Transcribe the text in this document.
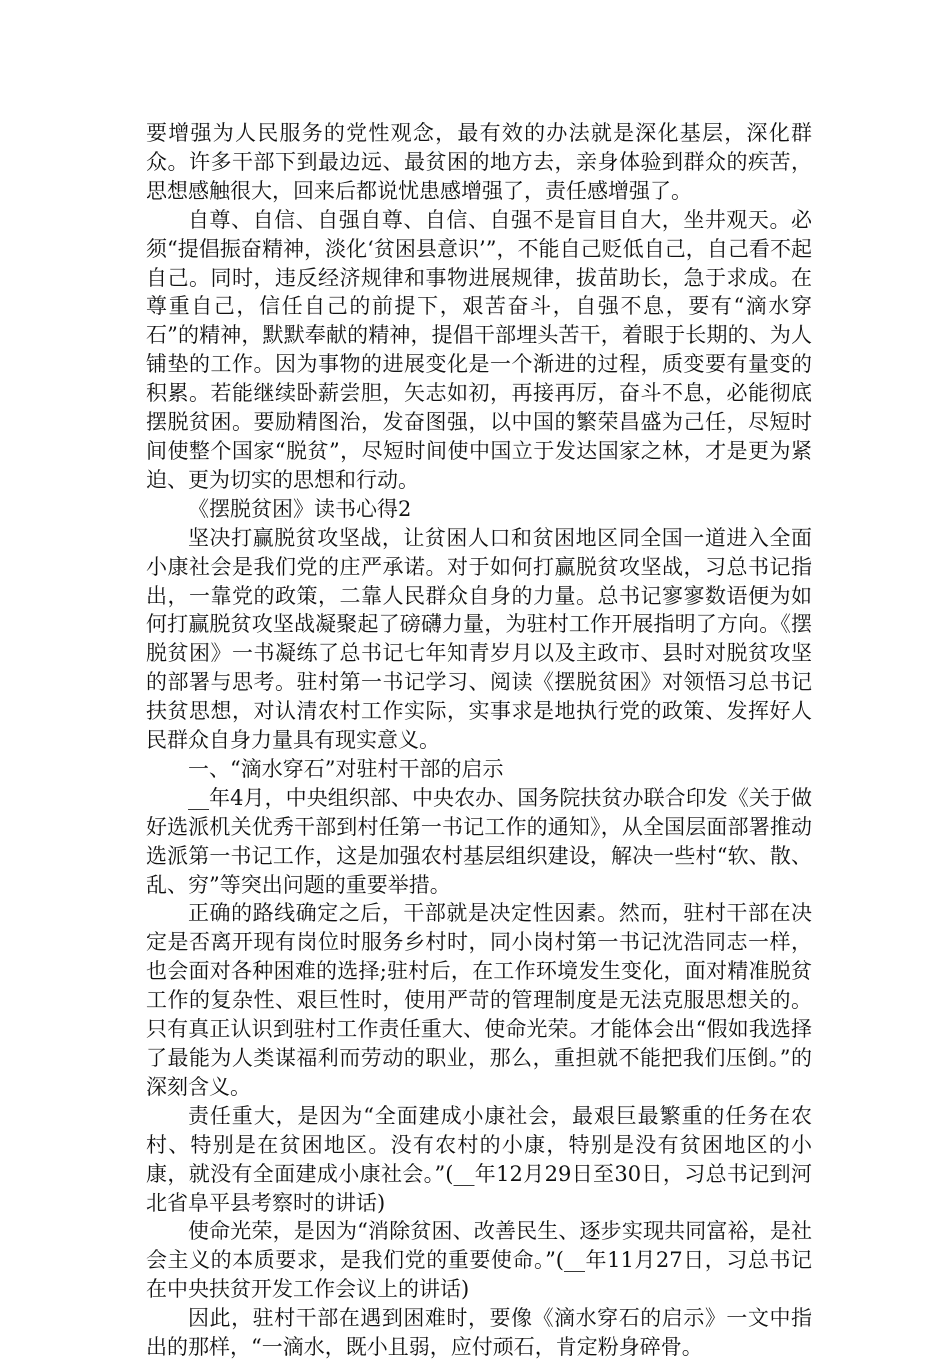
要增强为人民服务的党性观念，最有效的办法就是深化基层，深化群众。许多干部下到最边远、最贫困的地方去，亲身体验到群众的疾苦，思想感触很大，回来后都说忧患感增强了，责任感增强了。

自尊、自信、自强自尊、自信、自强不是盲目自大，坐井观天。必须“提倡振奋精神，淡化‘贫困县意识’”，不能自己贬低自己，自己看不起自己。同时，违反经济规律和事物进展规律，拔苗助长，急于求成。在尊重自己，信任自己的前提下，艰苦奋斗，自强不息，要有“滴水穿石”的精神，默默奉献的精神，提倡干部埋头苦干，着眼于长期的、为人铺垫的工作。因为事物的进展变化是一个渐进的过程，质变要有量变的积累。若能继续卧薪尝胆，矢志如初，再接再厉，奋斗不息，必能彻底摆脱贫困。要励精图治，发奋图强，以中国的繁荣昌盛为己任，尽短时间使整个国家“脱贫”，尽短时间使中国立于发达国家之林，才是更为紧迫、更为切实的思想和行动。

《摆脱贫困》读书心得2

坚决打赢脱贫攻坚战，让贫困人口和贫困地区同全国一道进入全面小康社会是我们党的庄严承诺。对于如何打赢脱贫攻坚战，习总书记指出，一靠党的政策，二靠人民群众自身的力量。总书记寥寥数语便为如何打赢脱贫攻坚战凝聚起了磅礴力量，为驻村工作开展指明了方向。《摆脱贫困》一书凝练了总书记七年知青岁月以及主政市、县时对脱贫攻坚的部署与思考。驻村第一书记学习、阅读《摆脱贫困》对领悟习总书记扶贫思想，对认清农村工作实际，实事求是地执行党的政策、发挥好人民群众自身力量具有现实意义。

一、“滴水穿石”对驻村干部的启示

__年4月，中央组织部、中央农办、国务院扶贫办联合印发《关于做好选派机关优秀干部到村任第一书记工作的通知》，从全国层面部署推动选派第一书记工作，这是加强农村基层组织建设，解决一些村“软、散、乱、穷”等突出问题的重要举措。

正确的路线确定之后，干部就是决定性因素。然而，驻村干部在决定是否离开现有岗位时服务乡村时，同小岗村第一书记沈浩同志一样，也会面对各种困难的选择;驻村后，在工作环境发生变化，面对精准脱贫工作的复杂性、艰巨性时，使用严苛的管理制度是无法克服思想关的。只有真正认识到驻村工作责任重大、使命光荣。才能体会出“假如我选择了最能为人类谋福利而劳动的职业，那么，重担就不能把我们压倒。”的深刻含义。

责任重大，是因为“全面建成小康社会，最艰巨最繁重的任务在农村、特别是在贫困地区。没有农村的小康，特别是没有贫困地区的小康，就没有全面建成小康社会。”(__年12月29日至30日，习总书记到河北省阜平县考察时的讲话)

使命光荣，是因为“消除贫困、改善民生、逐步实现共同富裕，是社会主义的本质要求，是我们党的重要使命。”(__年11月27日，习总书记在中央扶贫开发工作会议上的讲话)

因此，驻村干部在遇到困难时，要像《滴水穿石的启示》一文中指出的那样，“一滴水，既小且弱，应付顽石，肯定粉身碎骨。
